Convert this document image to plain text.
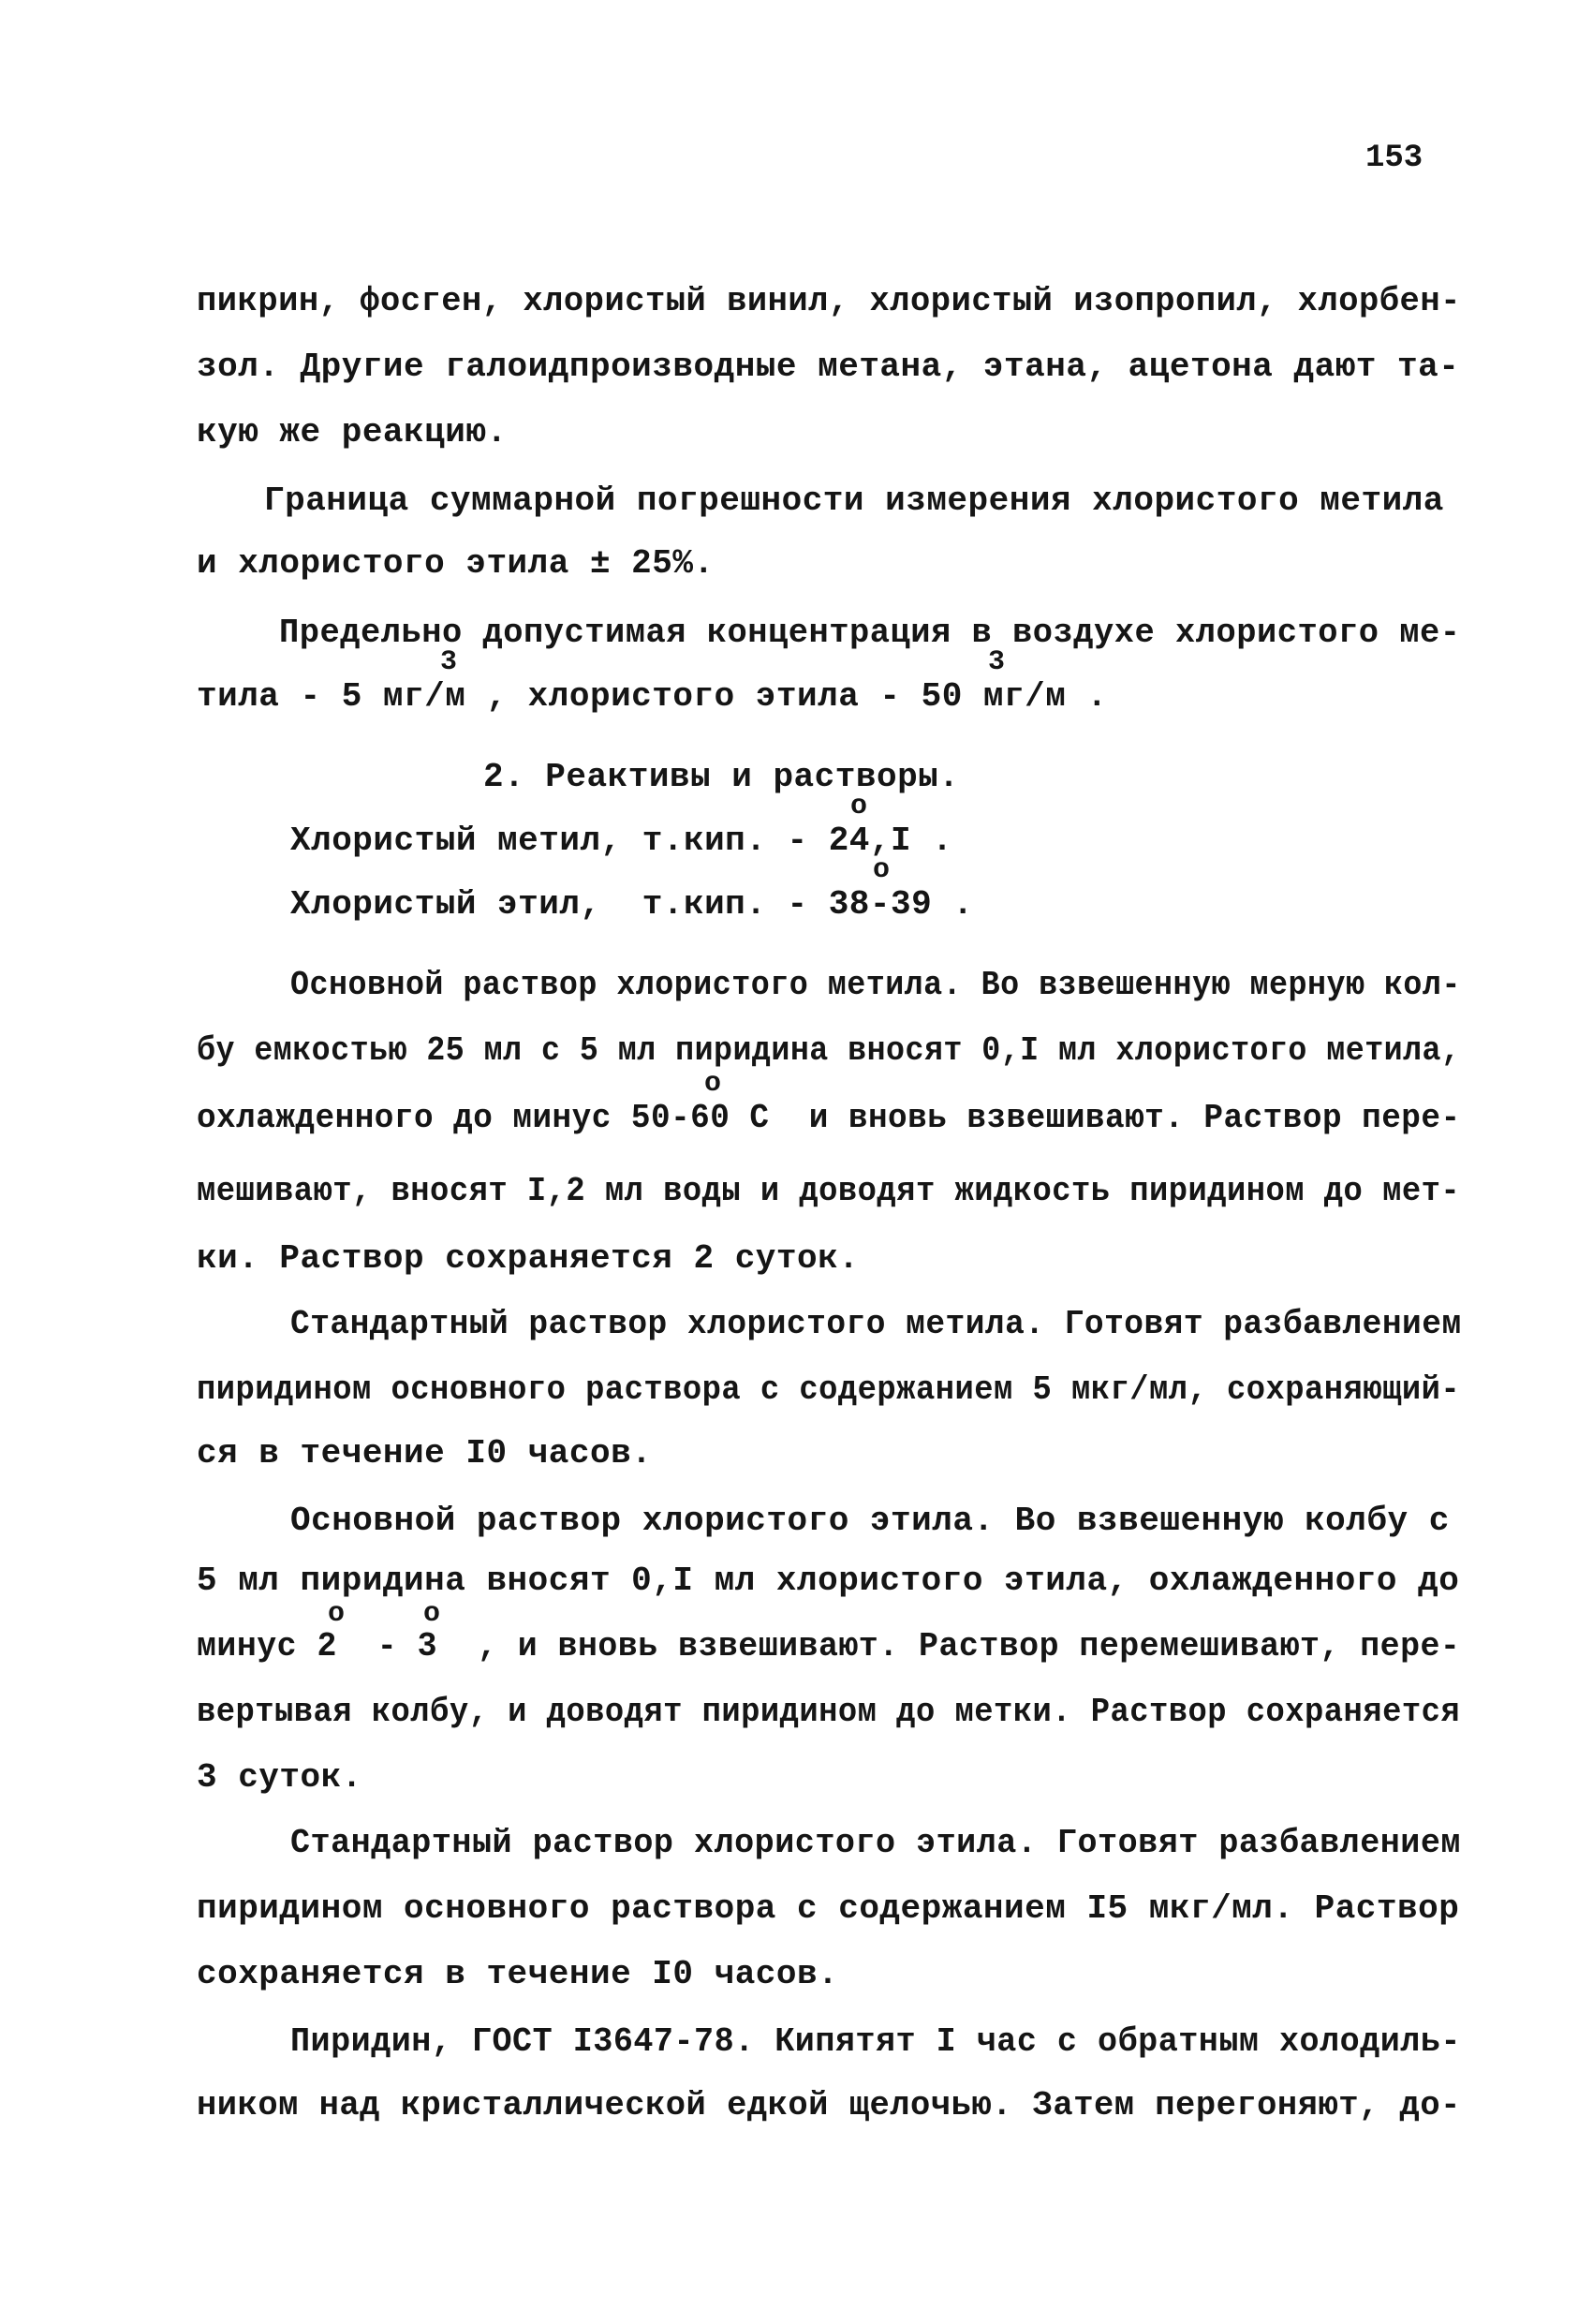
153
пикрин, фосген, хлористый винил, хлористый изопропил, хлорбен-
зол. Другие галоидпроизводные метана, этана, ацетона дают та-
кую же реакцию.
Граница суммарной погрешности измерения хлористого метила
и хлористого этила ± 25%.
Предельно допустимая концентрация в воздухе хлористого ме-
3	3
тила - 5 мг/м , хлористого этила - 50 мг/м .
2. Реактивы и растворы.
o
Хлористый метил, т.кип. - 24,I .
o
Хлористый этил,  т.кип. - 38-39 .
Основной раствор хлористого метила. Во взвешенную мерную кол-
бу емкостью 25 мл с 5 мл пиридина вносят 0,I мл хлористого метила,
o
охлажденного до минус 50-60 С  и вновь взвешивают. Раствор пере-
мешивают, вносят I,2 мл воды и доводят жидкость пиридином до мет-
ки. Раствор сохраняется 2 суток.
Стандартный раствор хлористого метила. Готовят разбавлением
пиридином основного раствора с содержанием 5 мкг/мл, сохраняющий-
ся в течение I0 часов.
Основной раствор хлористого этила. Во взвешенную колбу с
5 мл пиридина вносят 0,I мл хлористого этила, охлажденного до
o	o
минус 2  - 3  , и вновь взвешивают. Раствор перемешивают, пере-
вертывая колбу, и доводят пиридином до метки. Раствор сохраняется
3 суток.
Стандартный раствор хлористого этила. Готовят разбавлением
пиридином основного раствора с содержанием I5 мкг/мл. Раствор
сохраняется в течение I0 часов.
Пиридин, ГОСТ I3647-78. Кипятят I час с обратным холодиль-
ником над кристаллической едкой щелочью. Затем перегоняют, до-
